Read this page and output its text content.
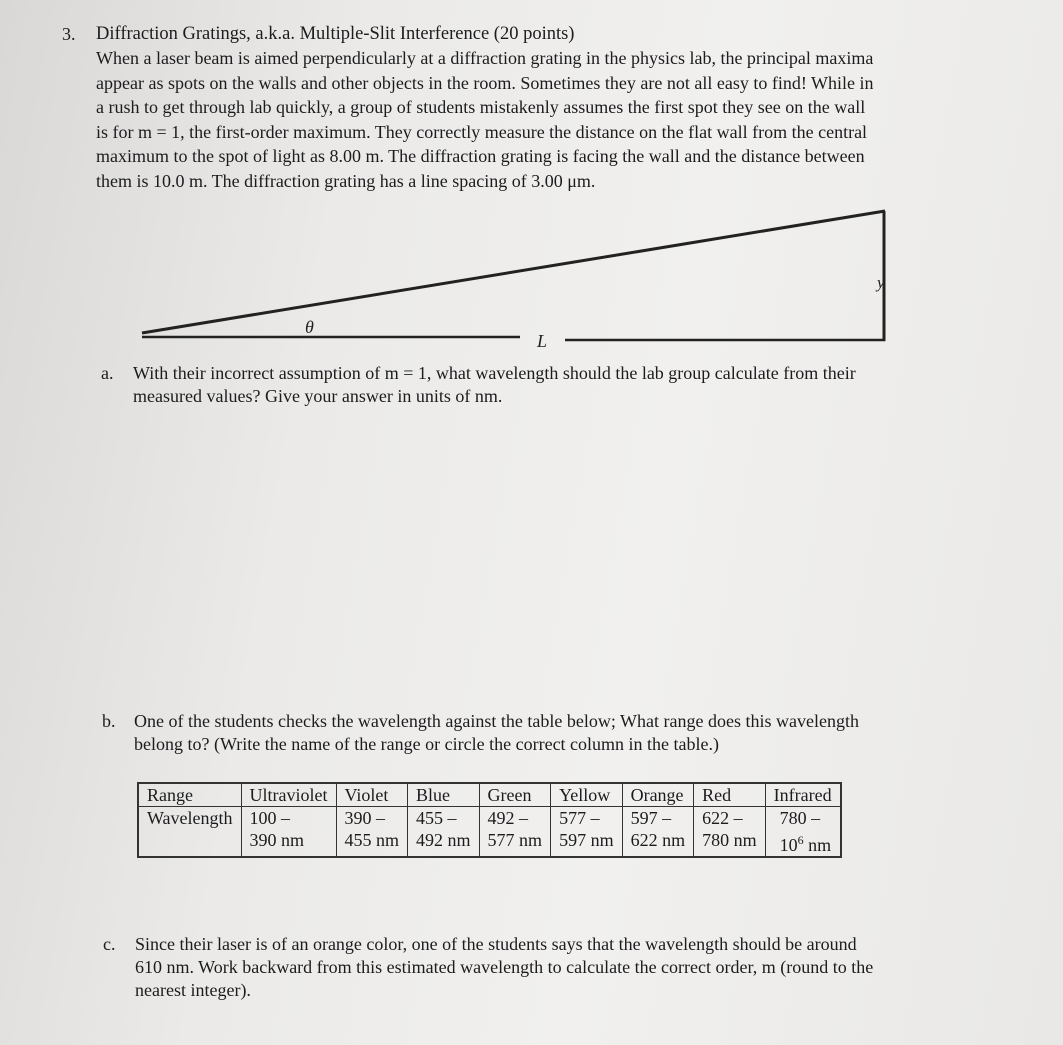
3. Diffraction Gratings, a.k.a. Multiple-Slit Interference (20 points)
When a laser beam is aimed perpendicularly at a diffraction grating in the physics lab, the principal maxima
appear as spots on the walls and other objects in the room. Sometimes they are not all easy to find! While in
a rush to get through lab quickly, a group of students mistakenly assumes the first spot they see on the wall
is for m = 1, the first-order maximum. They correctly measure the distance on the flat wall from the central
maximum to the spot of light as 8.00 m. The diffraction grating is facing the wall and the distance between
them is 10.0 m. The diffraction grating has a line spacing of 3.00 μm.
θ
L
y
a. With their incorrect assumption of m = 1, what wavelength should the lab group calculate from their
measured values? Give your answer in units of nm.
b. One of the students checks the wavelength against the table below; What range does this wavelength
belong to? (Write the name of the range or circle the correct column in the table.)
Range	Ultraviolet	Violet	Blue	Green	Yellow	Orange	Red	Infrared
Wavelength	100 –	390 –	455 –	492 –	577 –	597 –	622 –	780 –
	390 nm	455 nm	492 nm	577 nm	597 nm	622 nm	780 nm	$10^6$ nm
c. Since their laser is of an orange color, one of the students says that the wavelength should be around
610 nm. Work backward from this estimated wavelength to calculate the correct order, m (round to the
nearest integer).
